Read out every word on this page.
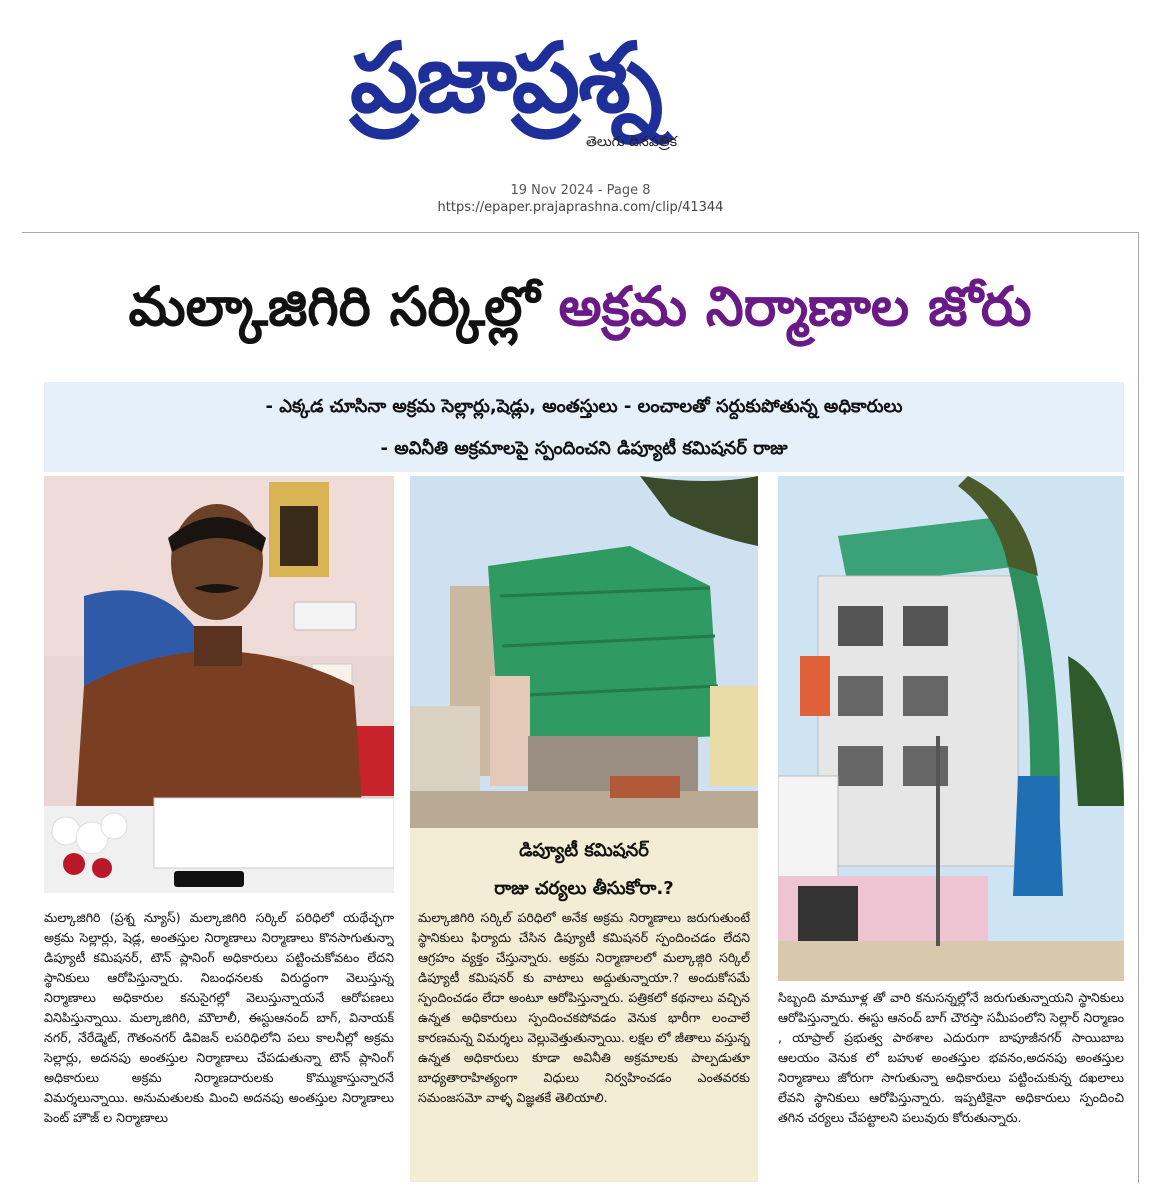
ప్రజాప్రశ్న
తెలుగు దినపత్రిక
19 Nov 2024 - Page 8
https://epaper.prajaprashna.com/clip/41344
మల్కాజిగిరి సర్కిల్లో అక్రమ నిర్మాణాల జోరు
- ఎక్కడ చూసినా అక్రమ సెల్లార్లు,షెడ్లు, అంతస్తులు - లంచాలతో సర్దుకుపోతున్న అధికారులు
- అవినీతి అక్రమాలపై స్పందించని డిప్యూటీ కమిషనర్ రాజు
డిప్యూటీ కమిషనర్
రాజు చర్యలు తీసుకోరా.?
మల్కాజిగిరి (ప్రశ్న న్యూస్) మల్కాజిగిరి సర్కిల్ పరిధిలో యథేచ్ఛగా అక్రమ సెల్లార్లు, షెడ్ల, అంతస్తుల నిర్మాణాలు నిర్మాణాలు కొనసాగుతున్నా డిప్యూటీ కమిషనర్, టౌన్ ప్లానింగ్ అధికారులు పట్టించుకోవటం లేదని స్థానికులు ఆరోపిస్తున్నారు. నిబంధనలకు విరుద్ధంగా వెలుస్తున్న నిర్మాణాలు అధికారుల కనుసైగల్లో వెలుస్తున్నాయనే ఆరోపణలు వినిపిస్తున్నాయి. మల్కాజిగిరి, మౌలాలీ, ఈస్టుఆనంద్ బాగ్, వినాయక్ నగర్, నేరేడ్మెట్, గౌతంనగర్ డివిజన్ లపరిధిలోని పలు కాలనీల్లో అక్రమ సెల్లార్లు, అదనపు అంతస్తుల నిర్మాణాలు చేపడుతున్నా టౌన్ ప్లానింగ్ అధికారులు అక్రమ నిర్మాణదారులకు కొమ్ముకాస్తున్నారనే విమర్శలున్నాయి. అనుమతులకు మించి అదనపు అంతస్తుల నిర్మాణాలు పెంట్ హౌజ్ ల నిర్మాణాలు
మల్కాజిగిరి సర్కిల్ పరిధిలో అనేక అక్రమ నిర్మాణాలు జరుగుతుంటే స్థానికులు ఫిర్యాదు చేసిన డిప్యూటీ కమిషనర్ స్పందించడం లేదని ఆగ్రహం వ్యక్తం చేస్తున్నారు. అక్రమ నిర్మాణాలలో మల్కాజ్గిరి సర్కిల్ డిప్యూటీ కమిషనర్ కు వాటాలు అద్దుతున్నాయా.? అందుకోసమే స్పందించడం లేదా అంటూ ఆరోపిస్తున్నారు. పత్రికలో కథనాలు వచ్చిన ఉన్నత అధికారులు స్పందించకపోవడం వెనుక భారీగా లంచాలే కారణమన్న విమర్శలు వెల్లువెత్తుతున్నాయి. లక్షల లో జీతాలు వస్తున్న ఉన్నత అధికారులు కూడా అవినీతి అక్రమాలకు పాల్పడుతూ బాధ్యతారాహిత్యంగా విధులు నిర్వహించడం ఎంతవరకు సమంజసమో వాళ్ళ విజ్ఞతకే తెలియాలి.
సిబ్బంది మామూళ్ల తో వారి కనుసన్నల్లోనే జరుగుతున్నాయని స్థానికులు ఆరోపిస్తున్నారు. ఈస్టు ఆనంద్ బాగ్ చౌరస్తా సమీపంలోని సెల్లార్ నిర్మాణం , యాప్రాల్ ప్రభుత్వ పాఠశాల ఎదురుగా బాపూజీనగర్ సాయిబాబ ఆలయం వెనుక లో బహుళ అంతస్తుల భవనం,అదనపు అంతస్తుల నిర్మాణాలు జోరుగా సాగుతున్నా అధికారులు పట్టించుకున్న దఖలాలు లేవని స్థానికులు ఆరోపిస్తున్నారు. ఇప్పటికైనా అధికారులు స్పందించి తగిన చర్యలు చేపట్టాలని పలువురు కోరుతున్నారు.
